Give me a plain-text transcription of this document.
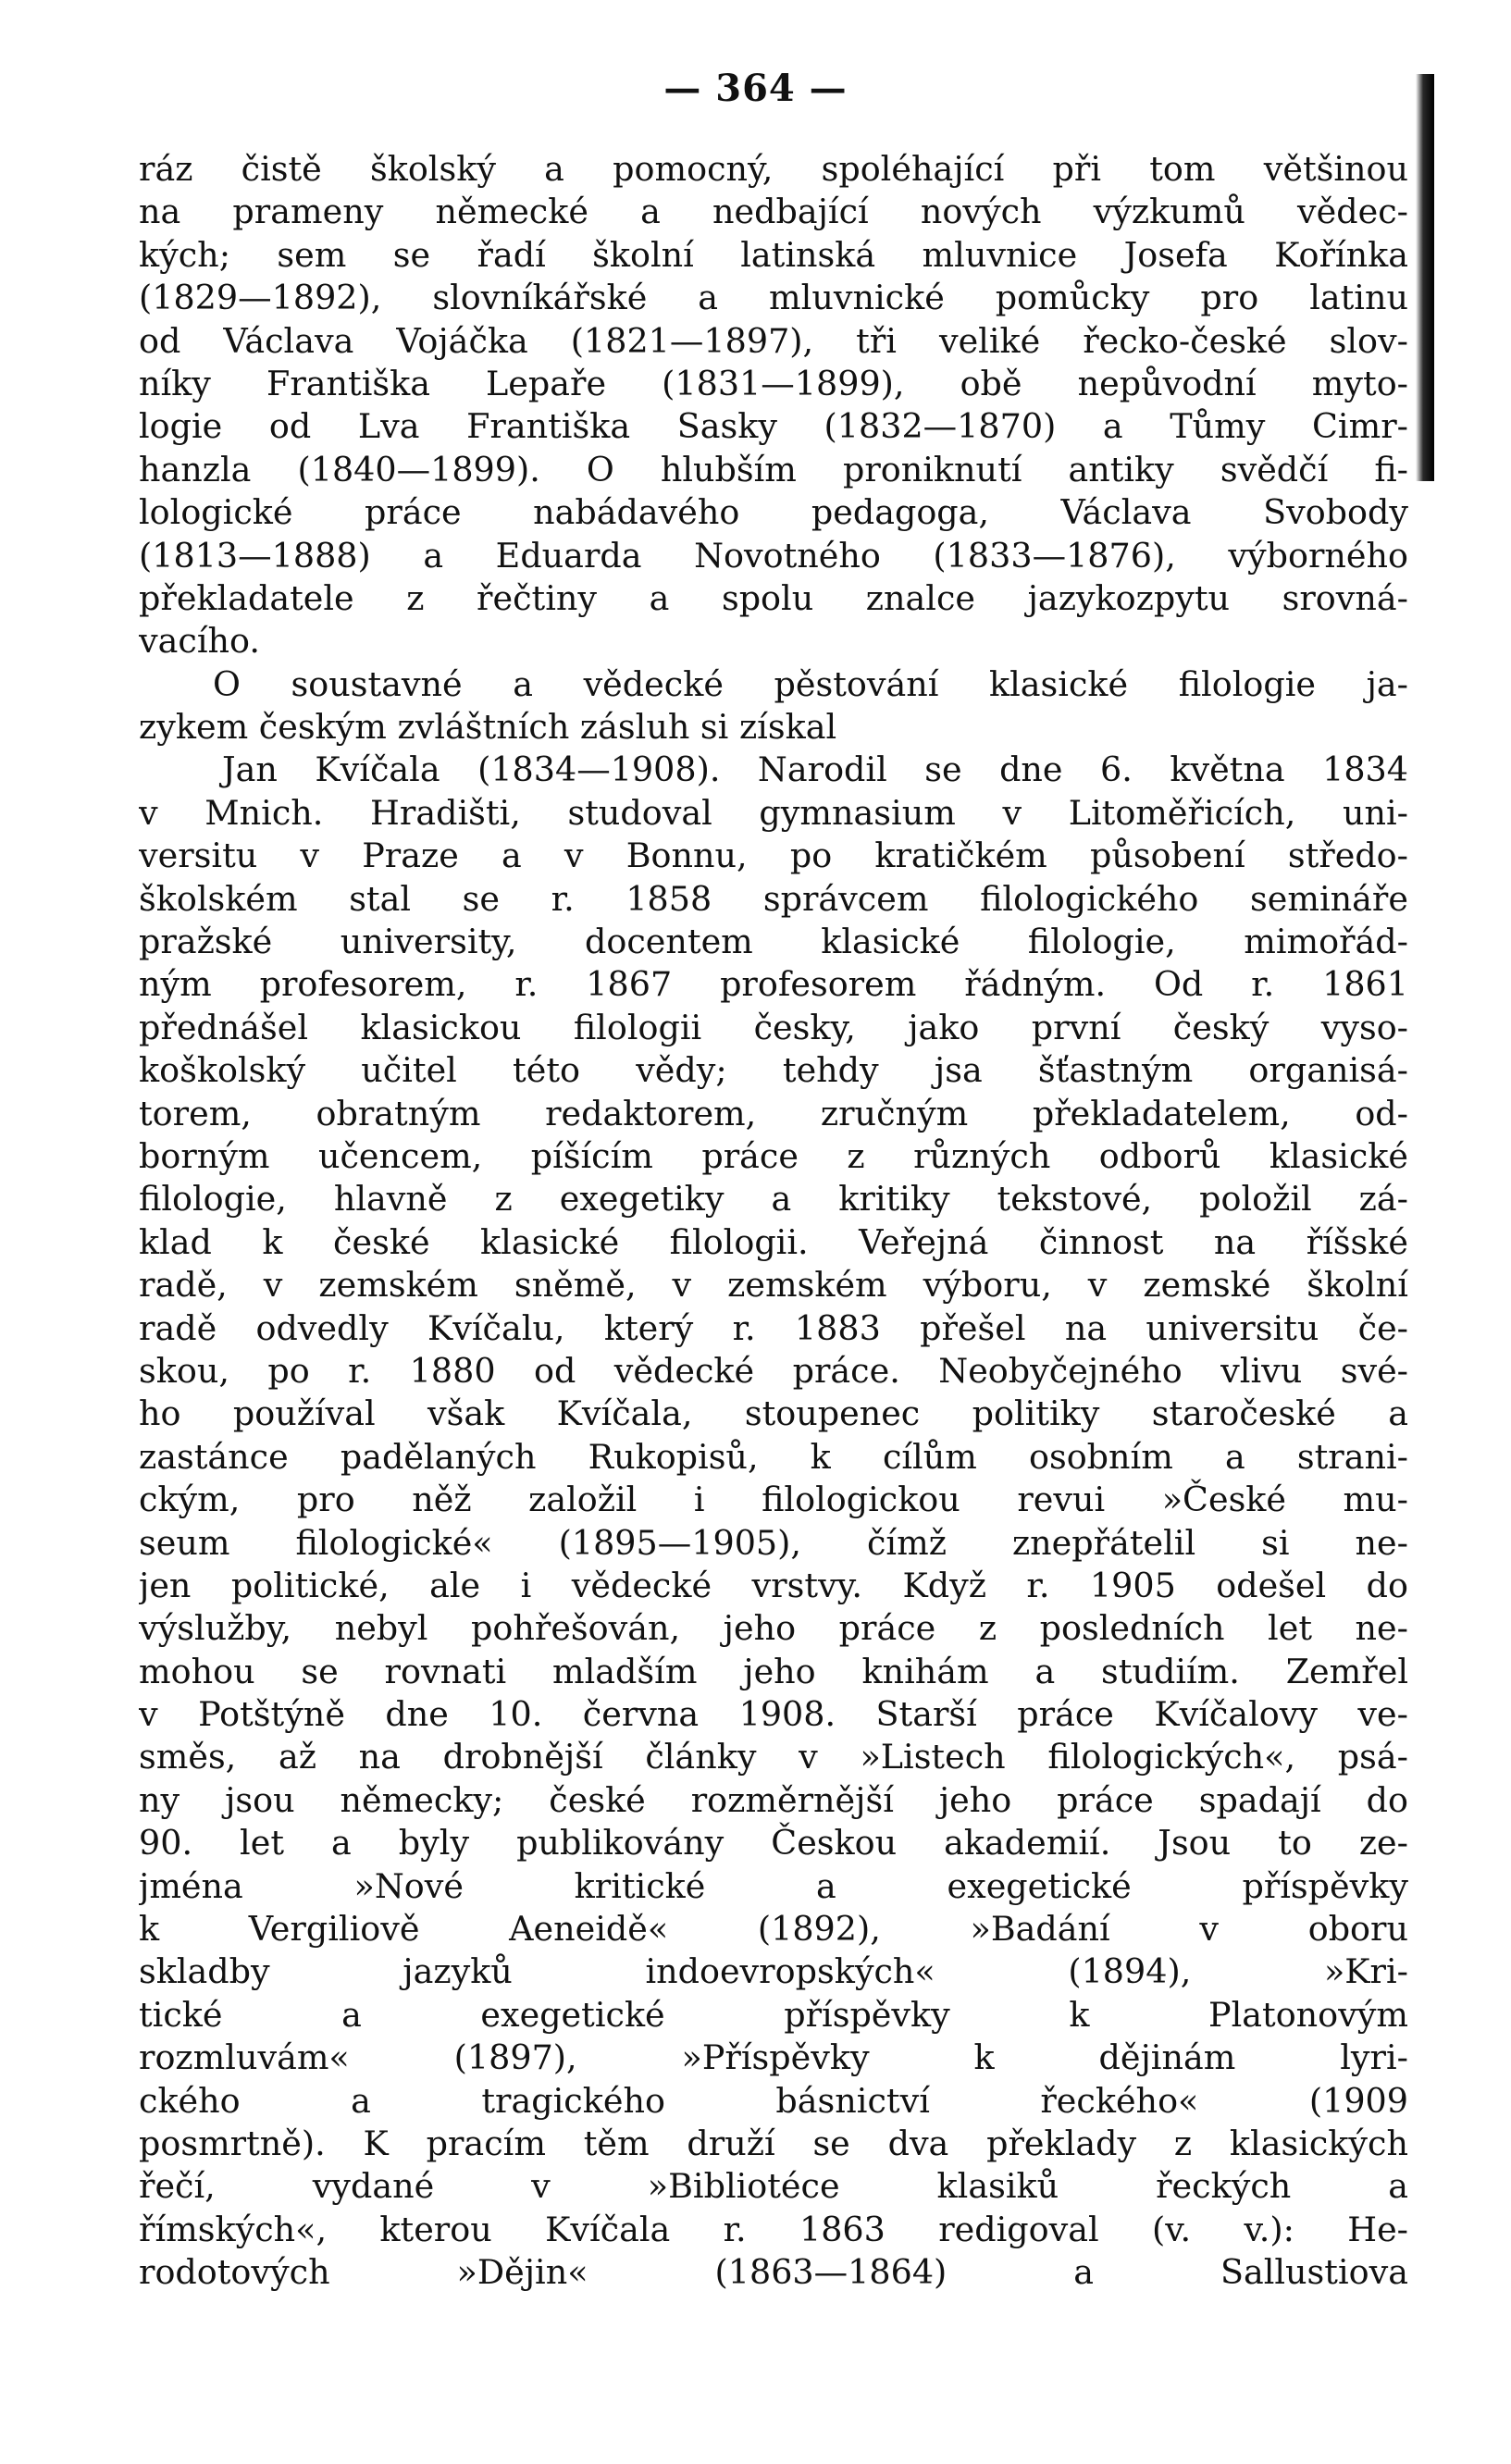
— 364 —
ráz čistě školský a pomocný, spoléhající při tom většinou
na prameny německé a nedbající nových výzkumů vědec-
kých; sem se řadí školní latinská mluvnice Josefa Kořínka
(1829—1892), slovníkářské a mluvnické pomůcky pro latinu
od Václava Vojáčka (1821—1897), tři veliké řecko-české slov-
níky Františka Lepaře (1831—1899), obě nepůvodní myto-
logie od Lva Františka Sasky (1832—1870) a Tůmy Cimr-
hanzla (1840—1899). O hlubším proniknutí antiky svědčí fi-
lologické práce nabádavého pedagoga, Václava Svobody
(1813—1888) a Eduarda Novotného (1833—1876), výborného
překladatele z řečtiny a spolu znalce jazykozpytu srovná-
vacího.
O soustavné a vědecké pěstování klasické filologie ja-
zykem českým zvláštních zásluh si získal
Jan Kvíčala (1834—1908). Narodil se dne 6. května 1834
v Mnich. Hradišti, studoval gymnasium v Litoměřicích, uni-
versitu v Praze a v Bonnu, po kratičkém působení středo-
školském stal se r. 1858 správcem filologického semináře
pražské university, docentem klasické filologie, mimořád-
ným profesorem, r. 1867 profesorem řádným. Od r. 1861
přednášel klasickou filologii česky, jako první český vyso-
koškolský učitel této vědy; tehdy jsa šťastným organisá-
torem, obratným redaktorem, zručným překladatelem, od-
borným učencem, píšícím práce z různých odborů klasické
filologie, hlavně z exegetiky a kritiky tekstové, položil zá-
klad k české klasické filologii. Veřejná činnost na říšské
radě, v zemském sněmě, v zemském výboru, v zemské školní
radě odvedly Kvíčalu, který r. 1883 přešel na universitu če-
skou, po r. 1880 od vědecké práce. Neobyčejného vlivu své-
ho používal však Kvíčala, stoupenec politiky staročeské a
zastánce padělaných Rukopisů, k cílům osobním a strani-
ckým, pro něž založil i filologickou revui »České mu-
seum filologické« (1895—1905), čímž znepřátelil si ne-
jen politické, ale i vědecké vrstvy. Když r. 1905 odešel do
výslužby, nebyl pohřešován, jeho práce z posledních let ne-
mohou se rovnati mladším jeho knihám a studiím. Zemřel
v Potštýně dne 10. června 1908. Starší práce Kvíčalovy ve-
směs, až na drobnější články v »Listech filologických«, psá-
ny jsou německy; české rozměrnější jeho práce spadají do
90. let a byly publikovány Českou akademií. Jsou to ze-
jména »Nové kritické a exegetické příspěvky
k Vergiliově Aeneidě« (1892), »Badání v oboru
skladby jazyků indoevropských« (1894), »Kri-
tické a exegetické příspěvky k Platonovým
rozmluvám« (1897), »Příspěvky k dějinám lyri-
ckého a tragického básnictví řeckého« (1909
posmrtně). K pracím těm druží se dva překlady z klasických
řečí, vydané v »Bibliotéce klasiků řeckých a
římských«, kterou Kvíčala r. 1863 redigoval (v. v.): He-
rodotových »Dějin« (1863—1864) a Sallustiova
